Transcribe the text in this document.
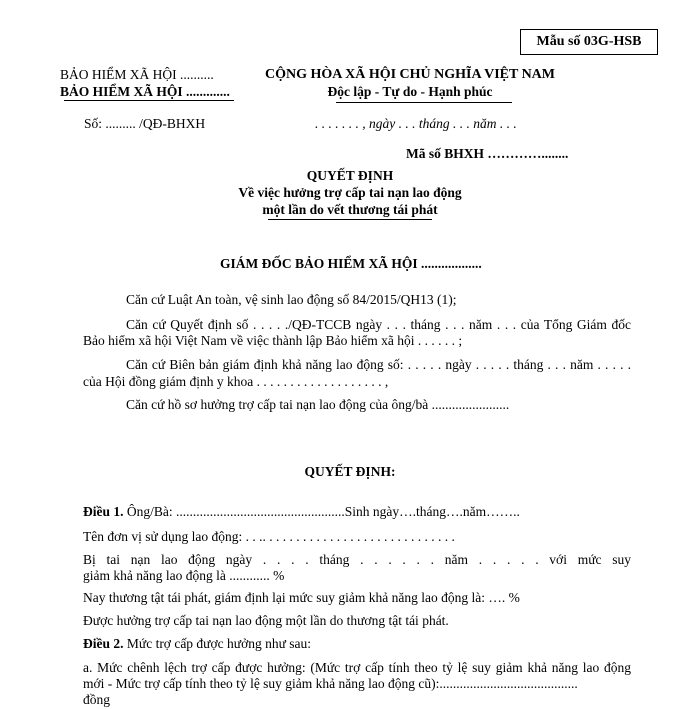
Mẫu số 03G-HSB
BẢO HIỂM XÃ HỘI ..........
BẢO HIỂM XÃ HỘI .............
CỘNG HÒA XÃ HỘI CHỦ NGHĨA VIỆT NAM
Độc lập - Tự do - Hạnh phúc
Số: ......... /QĐ-BHXH	. . . . . . . , ngày . . . tháng . . . năm . . .
Mã số BHXH …………........
QUYẾT ĐỊNH
Về việc hưởng trợ cấp tai nạn lao động
một lần do vết thương tái phát
GIÁM ĐỐC BẢO HIỂM XÃ HỘI ..................
Căn cứ Luật An toàn, vệ sinh lao động số 84/2015/QH13 (1);
Căn cứ Quyết định số . . . . ./QĐ-TCCB ngày . . . tháng . . . năm . . . của Tổng Giám đốc
Bảo hiểm xã hội Việt Nam về việc thành lập Bảo hiểm xã hội . . . . . . ;
Căn cứ Biên bản giám định khả năng lao động số: . . . . . ngày . . . . . tháng . . . năm . . . . .
của Hội đồng giám định y khoa . . . . . . . . . . . . . . . . . . . ,
Căn cứ hồ sơ hưởng trợ cấp tai nạn lao động của ông/bà .......................
QUYẾT ĐỊNH:
Điều 1. Ông/Bà: ..................................................Sinh ngày….tháng….năm……..
Tên đơn vị sử dụng lao động: . . .. . . . . . . . . . . . . . . . . . . . . . . . . . . . .
Bị tai nạn lao động ngày . . . . tháng . . . . . . năm . . . . . với mức suy
giảm khả năng lao động là ............ %
Nay thương tật tái phát, giám định lại mức suy giảm khả năng lao động là: …. %
Được hưởng trợ cấp tai nạn lao động một lần do thương tật tái phát.
Điều 2. Mức trợ cấp được hưởng như sau:
a. Mức chênh lệch trợ cấp được hưởng: (Mức trợ cấp tính theo tỷ lệ suy giảm khả năng lao động
mới - Mức trợ cấp tính theo tỷ lệ suy giảm khả năng lao động cũ):.........................................
đồng
